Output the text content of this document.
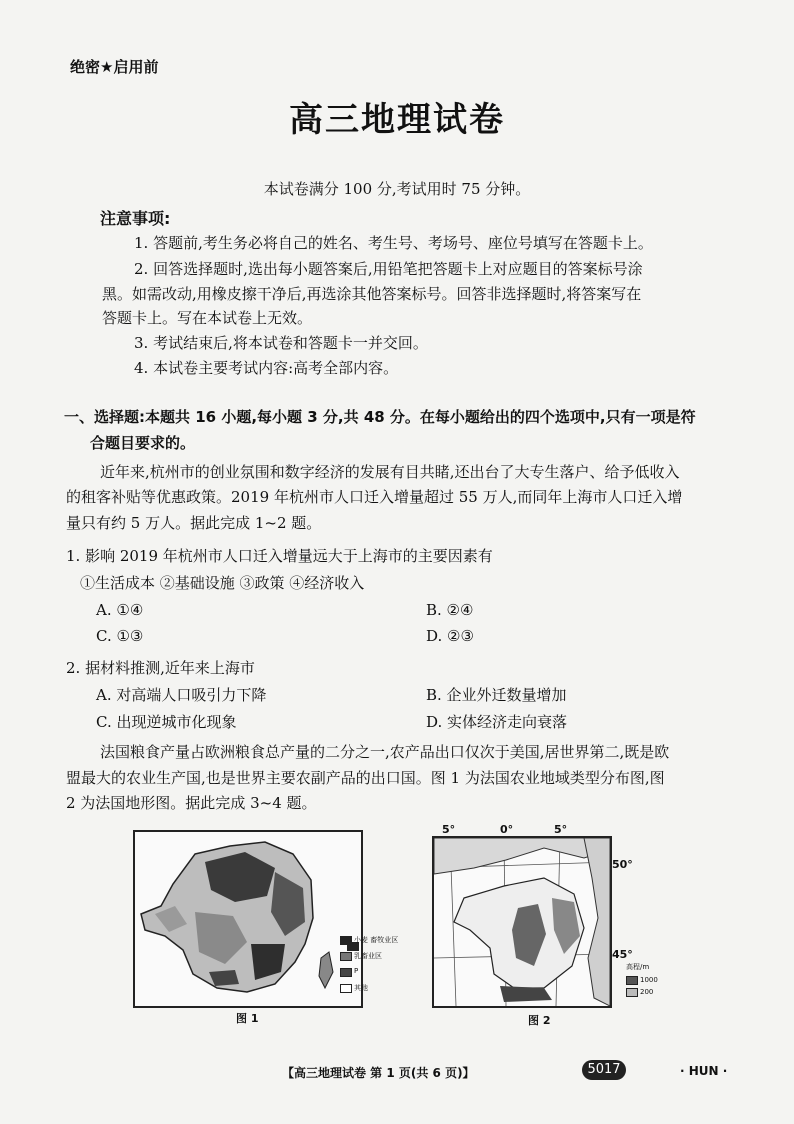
绝密★启用前
高三地理试卷
本试卷满分 100 分,考试用时 75 分钟。
注意事项:
1. 答题前,考生务必将自己的姓名、考生号、考场号、座位号填写在答题卡上。
2. 回答选择题时,选出每小题答案后,用铅笔把答题卡上对应题目的答案标号涂
黑。如需改动,用橡皮擦干净后,再选涂其他答案标号。回答非选择题时,将答案写在
答题卡上。写在本试卷上无效。
3. 考试结束后,将本试卷和答题卡一并交回。
4. 本试卷主要考试内容:高考全部内容。
一、选择题:本题共 16 小题,每小题 3 分,共 48 分。在每小题给出的四个选项中,只有一项是符
合题目要求的。
近年来,杭州市的创业氛围和数字经济的发展有目共睹,还出台了大专生落户、给予低收入
的租客补贴等优惠政策。2019 年杭州市人口迁入增量超过 55 万人,而同年上海市人口迁入增
量只有约 5 万人。据此完成 1~2 题。
1. 影响 2019 年杭州市人口迁入增量远大于上海市的主要因素有
①生活成本 ②基础设施 ③政策 ④经济收入
A. ①④	B. ②④
C. ①③	D. ②③
2. 据材料推测,近年来上海市
A. 对高端人口吸引力下降	B. 企业外迁数量增加
C. 出现逆城市化现象	D. 实体经济走向衰落
法国粮食产量占欧洲粮食总产量的二分之一,农产品出口仅次于美国,居世界第二,既是欧
盟最大的农业生产国,也是世界主要农副产品的出口国。图 1 为法国农业地域类型分布图,图
2 为法国地形图。据此完成 3~4 题。
小麦 畜牧业区
乳畜业区
P
其他
图 1
5°	0°	5°
50°
45°
高程/m
1000
200
图 2
【高三地理试卷 第 1 页(共 6 页)】	5017	· HUN ·
